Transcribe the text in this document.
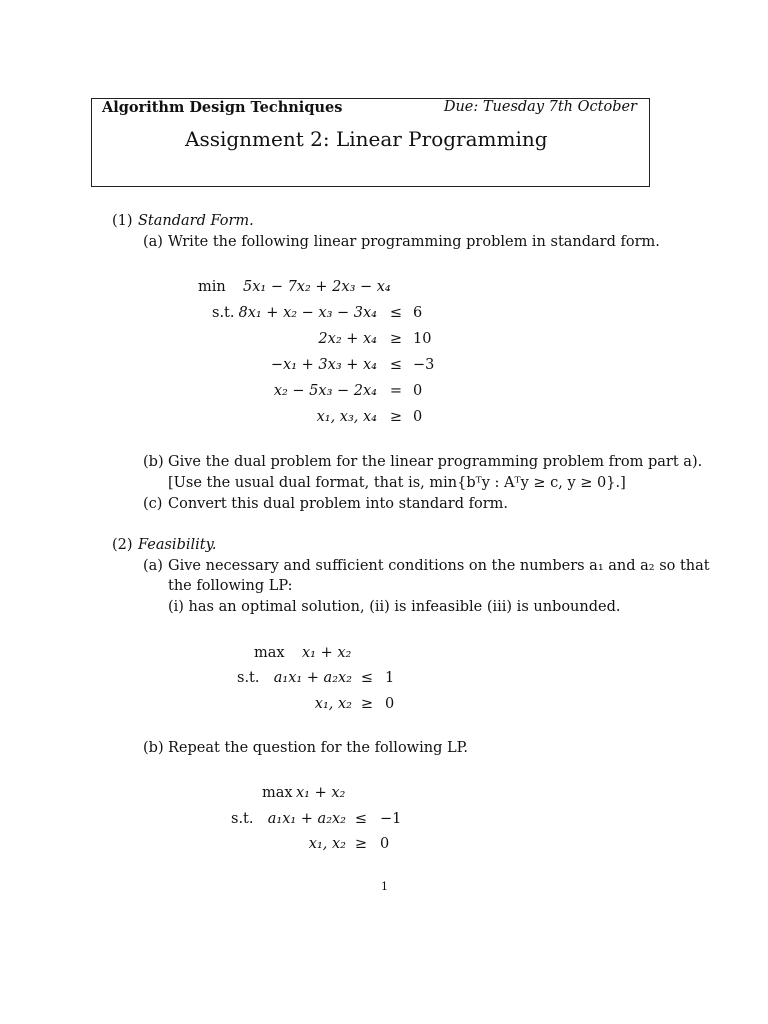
Algorithm Design Techniques	Due: Tuesday 7th October
Assignment 2: Linear Programming
(1) Standard Form.
(a) Write the following linear programming problem in standard form.
min 5x₁ − 7x₂ + 2x₃ − x₄
s.t. 8x₁ + x₂ − x₃ − 3x₄ ≤ 6
2x₂ + x₄ ≥ 10
−x₁ + 3x₃ + x₄ ≤ −3
x₂ − 5x₃ − 2x₄ = 0
x₁, x₃, x₄ ≥ 0
(b) Give the dual problem for the linear programming problem from part a).
[Use the usual dual format, that is, min{bᵀy : Aᵀy ≥ c, y ≥ 0}.]
(c) Convert this dual problem into standard form.
(2) Feasibility.
(a) Give necessary and sufficient conditions on the numbers a₁ and a₂ so that
the following LP:
(i) has an optimal solution, (ii) is infeasible (iii) is unbounded.
max x₁ + x₂
s.t. a₁x₁ + a₂x₂ ≤ 1
x₁, x₂ ≥ 0
(b) Repeat the question for the following LP.
max x₁ + x₂
s.t. a₁x₁ + a₂x₂ ≤ −1
x₁, x₂ ≥ 0
1
